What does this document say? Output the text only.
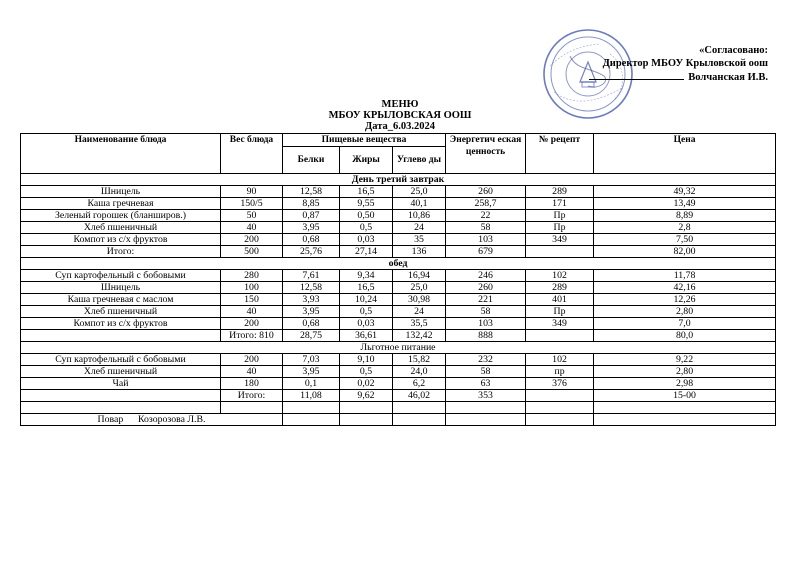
«Согласовано:
Директор МБОУ Крыловской оош
Волчанская И.В.
МЕНЮ
МБОУ КРЫЛОВСКАЯ ООШ
Дата_6.03.2024
Наименование блюда	Вес блюда	Пищевые вещества			Энергетич еская ценность	№ рецепт	Цена
		Белки	Жиры	Углево ды			
День третий завтрак							
Шницель	90	12,58	16,5	25,0	260	289	49,32
Каша гречневая	150/5	8,85	9,55	40,1	258,7	171	13,49
Зеленый горошек (бланширов.)	50	0,87	0,50	10,86	22	Пр	8,89
Хлеб пшеничный	40	3,95	0,5	24	58	Пр	2,8
Компот из с/х фруктов	200	0,68	0,03	35	103	349	7,50
Итого:	500	25,76	27,14	136	679		82,00
обед							
Суп картофельный с бобовыми	280	7,61	9,34	16,94	246	102	11,78
Шницель	100	12,58	16,5	25,0	260	289	42,16
Каша гречневая с маслом	150	3,93	10,24	30,98	221	401	12,26
Хлеб пшеничный	40	3,95	0,5	24	58	Пр	2,80
Компот из с/х фруктов	200	0,68	0,03	35,5	103	349	7,0
	Итого: 810	28,75	36,61	132,42	888		80,0
Льготное питание							
Суп картофельный с бобовыми	200	7,03	9,10	15,82	232	102	9,22
Хлеб пшеничный	40	3,95	0,5	24,0	58	пр	2,80
Чай	180	0,1	0,02	6,2	63	376	2,98
	Итого:	11,08	9,62	46,02	353		15-00

Повар Козорозова Л.В.							
